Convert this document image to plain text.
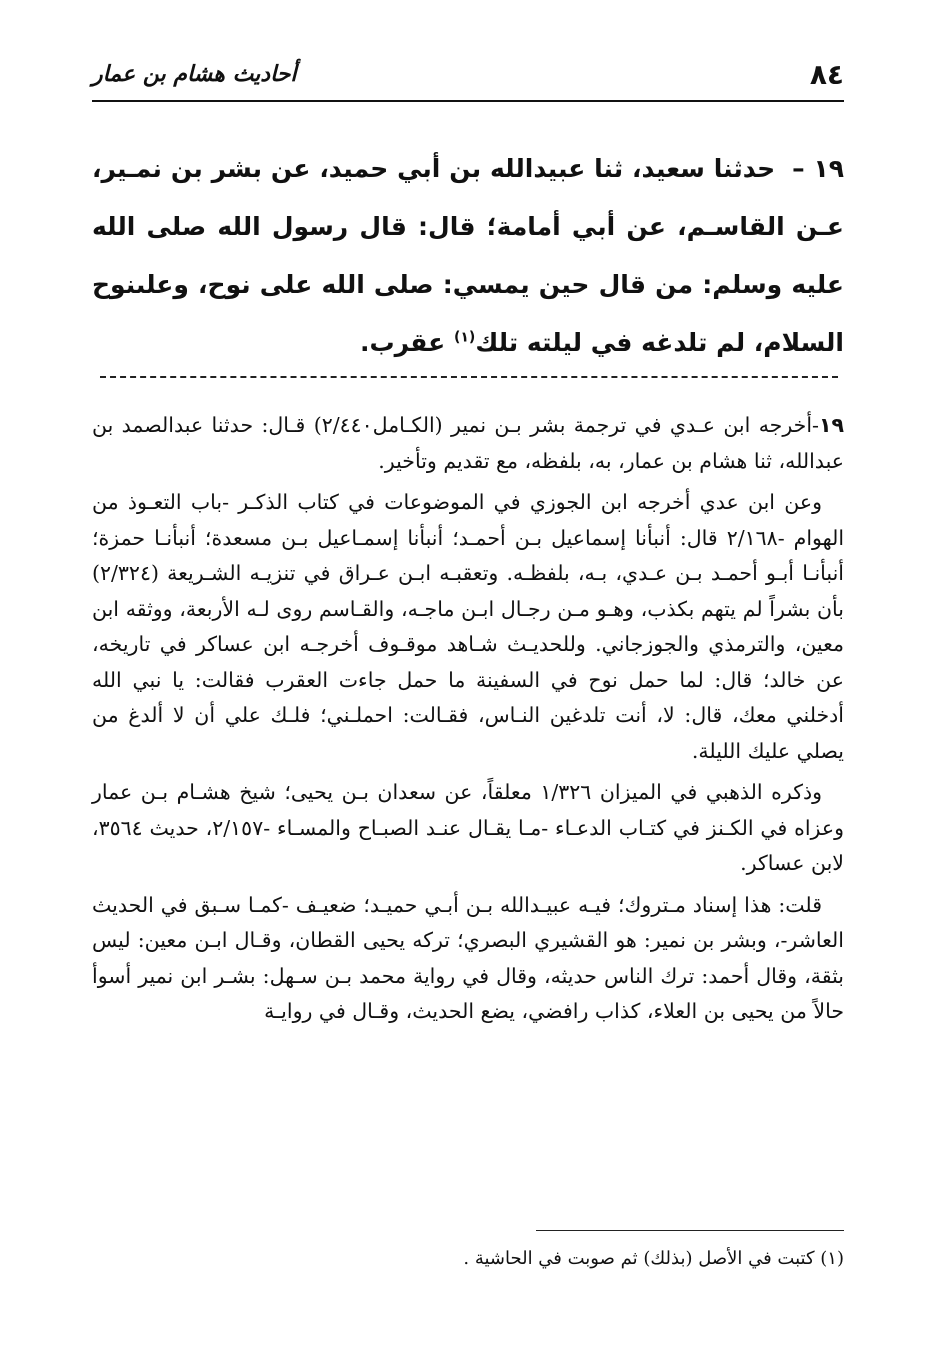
أحاديث هشام بن عمار	٨٤
١٩ – حدثنا سعيد، ثنا عبيدالله بن أبي حميد، عن بشر بن نمـير، عـن القاسـم، عن أبي أمامة؛ قال: قال رسول الله صلى الله عليه وسلم: من قال حين يمسي: صلى الله على نوح، وعلىنوح السلام، لم تلدغه في ليلته تلك$^{(١)}$ عقرب.

١٩-أخرجه ابن عـدي في ترجمة بشر بـن نمير (الكـامل٢/٤٤٠) قـال: حدثنا عبدالصمد بن عبدالله، ثنا هشام بن عمار، به، بلفظه، مع تقديم وتأخير.

وعن ابن عدي أخرجه ابن الجوزي في الموضوعات في كتاب الذكـر -باب التعـوذ من الهوام -٢/١٦٨ قال: أنبأنا إسماعيل بـن أحمـد؛ أنبأنا إسمـاعيل بـن مسعدة؛ أنبأنـا حمزة؛ أنبأنـا أبـو أحمـد بـن عـدي، بـه، بلفظـه. وتعقبـه ابـن عـراق في تنزيـه الشـريعة (٢/٣٢٤) بأن بشراً لم يتهم بكذب، وهـو مـن رجـال ابـن ماجـه، والقـاسم روى لـه الأربعة، ووثقه ابن معين، والترمذي والجوزجاني. وللحديـث شـاهد موقـوف أخرجـه ابن عساكر في تاريخه، عن خالد؛ قال: لما حمل نوح في السفينة ما حمل جاءت العقرب فقالت: يا نبي الله أدخلني معك، قال: لا، أنت تلدغين النـاس، فقـالت: احملـني؛ فلـك علي أن لا ألدغ من يصلي عليك الليلة.

وذكره الذهبي في الميزان ١/٣٢٦ معلقاً، عن سعدان بـن يحيى؛ شيخ هشـام بـن عمار وعزاه في الكـنز في كتـاب الدعـاء -مـا يقـال عنـد الصبـاح والمسـاء -٢/١٥٧، حديث ٣٥٦٤، لابن عساكر.

قلت: هذا إسناد مـتروك؛ فيـه عبيـدالله بـن أبـي حميـد؛ ضعيـف -كمـا سـبق في الحديث العاشر-، وبشر بن نمير: هو القشيري البصري؛ تركه يحيى القطان، وقـال ابـن معين: ليس بثقة، وقال أحمد: ترك الناس حديثه، وقال في رواية محمد بـن سـهل: بشـر ابن نمير أسوأ حالاً من يحيى بن العلاء، كذاب رافضي، يضع الحديث، وقـال في روايـة

(١) كتبت في الأصل (بذلك) ثم صوبت في الحاشية .
